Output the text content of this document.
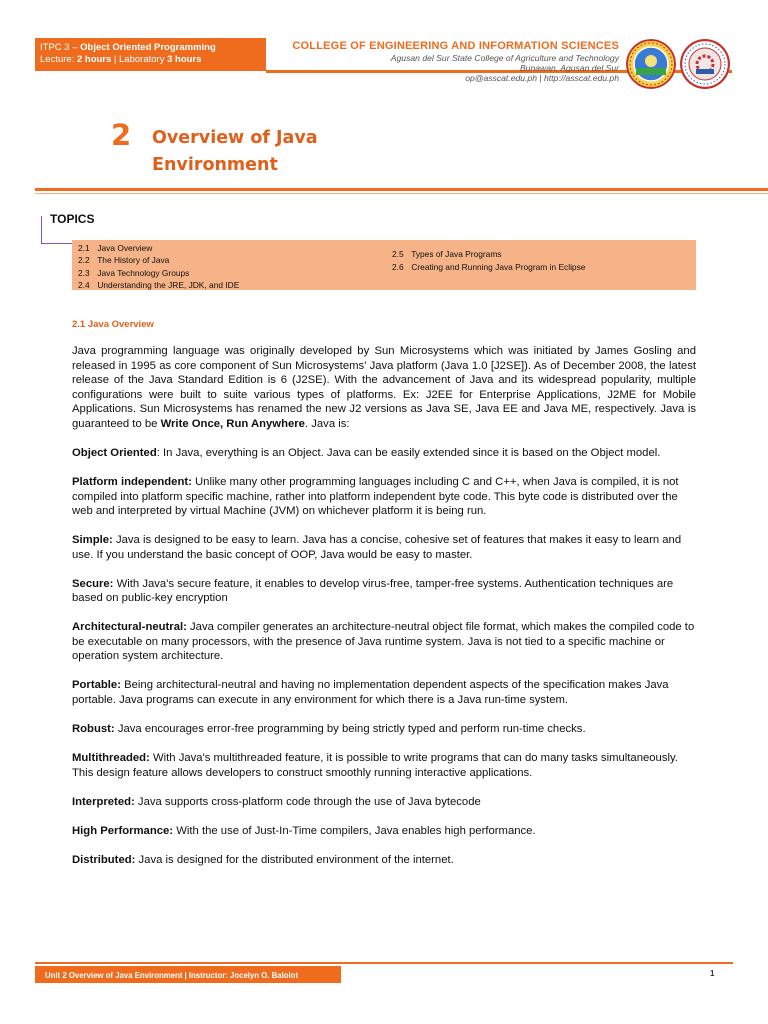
ITPC 3 – Object Oriented Programming
Lecture: 2 hours | Laboratory 3 hours
COLLEGE OF ENGINEERING AND INFORMATION SCIENCES
Agusan del Sur State College of Agriculture and Technology
Bunawan, Agusan del Sur
op@asscat.edu.ph | http://asscat.edu.ph
2 Overview of Java
Environment
TOPICS
2.1 Java Overview
2.2 The History of Java
2.3 Java Technology Groups
2.4 Understanding the JRE, JDK, and IDE
2.5 Types of Java Programs
2.6 Creating and Running Java Program in Eclipse
2.1 Java Overview

Java programming language was originally developed by Sun Microsystems which was initiated by James Gosling and released in 1995 as core component of Sun Microsystems’ Java platform (Java 1.0 [J2SE]). As of December 2008, the latest release of the Java Standard Edition is 6 (J2SE). With the advancement of Java and its widespread popularity, multiple configurations were built to suite various types of platforms. Ex: J2EE for Enterprise Applications, J2ME for Mobile Applications. Sun Microsystems has renamed the new J2 versions as Java SE, Java EE and Java ME, respectively. Java is guaranteed to be Write Once, Run Anywhere. Java is:

Object Oriented: In Java, everything is an Object. Java can be easily extended since it is based on the Object model.

Platform independent: Unlike many other programming languages including C and C++, when Java is compiled, it is not compiled into platform specific machine, rather into platform independent byte code. This byte code is distributed over the web and interpreted by virtual Machine (JVM) on whichever platform it is being run.

Simple: Java is designed to be easy to learn. Java has a concise, cohesive set of features that makes it easy to learn and use. If you understand the basic concept of OOP, Java would be easy to master.

Secure: With Java's secure feature, it enables to develop virus-free, tamper-free systems. Authentication techniques are based on public-key encryption

Architectural-neutral: Java compiler generates an architecture-neutral object file format, which makes the compiled code to be executable on many processors, with the presence of Java runtime system. Java is not tied to a specific machine or operation system architecture.

Portable: Being architectural-neutral and having no implementation dependent aspects of the specification makes Java portable. Java programs can execute in any environment for which there is a Java run-time system.

Robust: Java encourages error-free programming by being strictly typed and perform run-time checks.

Multithreaded: With Java's multithreaded feature, it is possible to write programs that can do many tasks simultaneously. This design feature allows developers to construct smoothly running interactive applications.

Interpreted: Java supports cross-platform code through the use of Java bytecode

High Performance: With the use of Just-In-Time compilers, Java enables high performance.

Distributed: Java is designed for the distributed environment of the internet.

Unit 2 Overview of Java Environment | Instructor: Jocelyn O. Balolot	1
